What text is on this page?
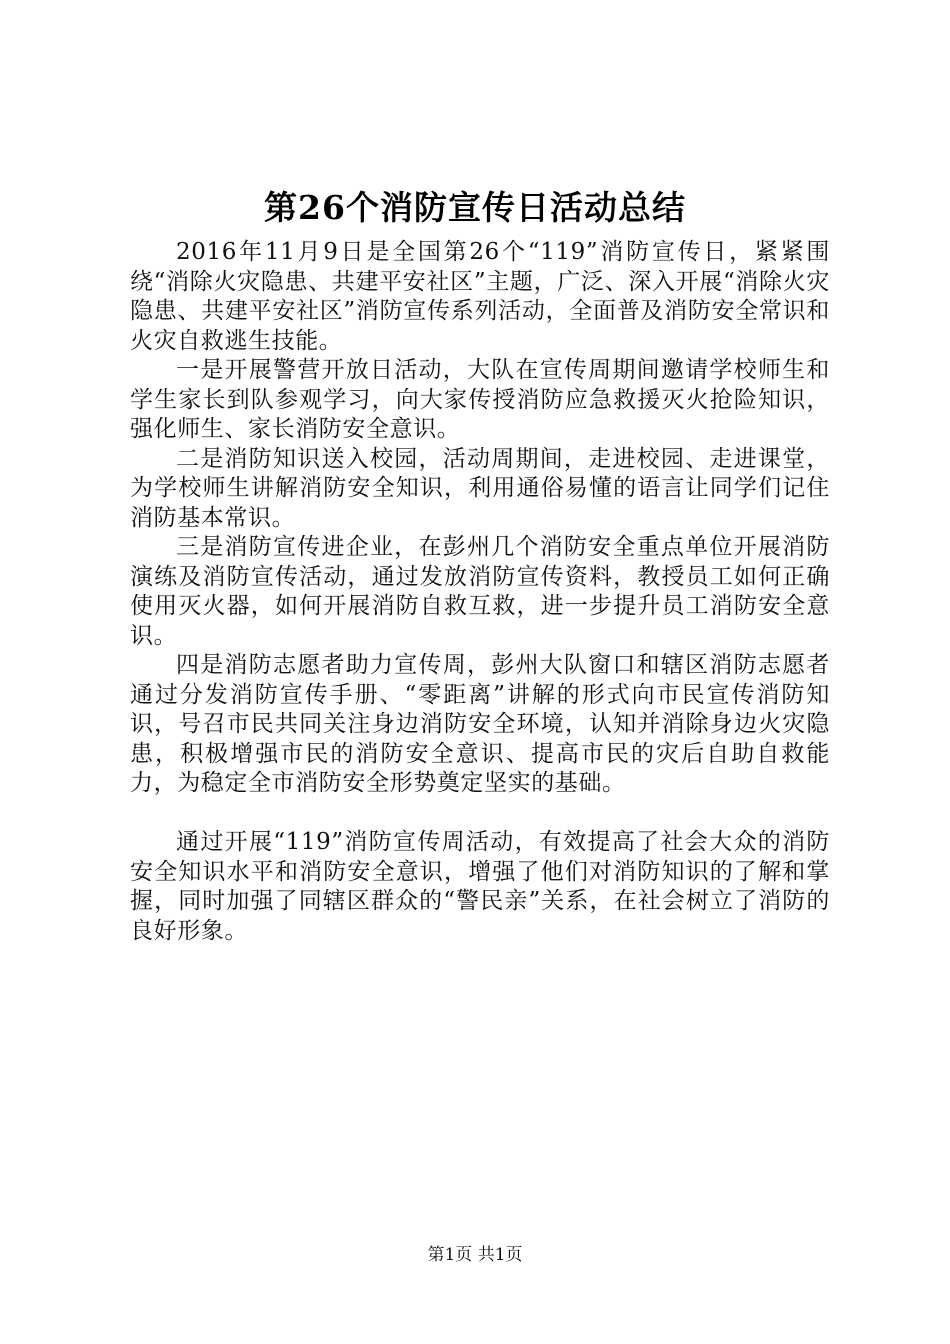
第26个消防宣传日活动总结

2016年11月9日是全国第26个“119”消防宣传日，紧紧围绕“消除火灾隐患、共建平安社区”主题，广泛、深入开展“消除火灾隐患、共建平安社区”消防宣传系列活动，全面普及消防安全常识和火灾自救逃生技能。

一是开展警营开放日活动，大队在宣传周期间邀请学校师生和学生家长到队参观学习，向大家传授消防应急救援灭火抢险知识，强化师生、家长消防安全意识。

二是消防知识送入校园，活动周期间，走进校园、走进课堂，为学校师生讲解消防安全知识，利用通俗易懂的语言让同学们记住消防基本常识。

三是消防宣传进企业，在彭州几个消防安全重点单位开展消防演练及消防宣传活动，通过发放消防宣传资料，教授员工如何正确使用灭火器，如何开展消防自救互救，进一步提升员工消防安全意识。

四是消防志愿者助力宣传周，彭州大队窗口和辖区消防志愿者通过分发消防宣传手册、“零距离”讲解的形式向市民宣传消防知识，号召市民共同关注身边消防安全环境，认知并消除身边火灾隐患，积极增强市民的消防安全意识、提高市民的灾后自助自救能力，为稳定全市消防安全形势奠定坚实的基础。

通过开展“119”消防宣传周活动，有效提高了社会大众的消防安全知识水平和消防安全意识，增强了他们对消防知识的了解和掌握，同时加强了同辖区群众的“警民亲”关系，在社会树立了消防的良好形象。

第1页 共1页
